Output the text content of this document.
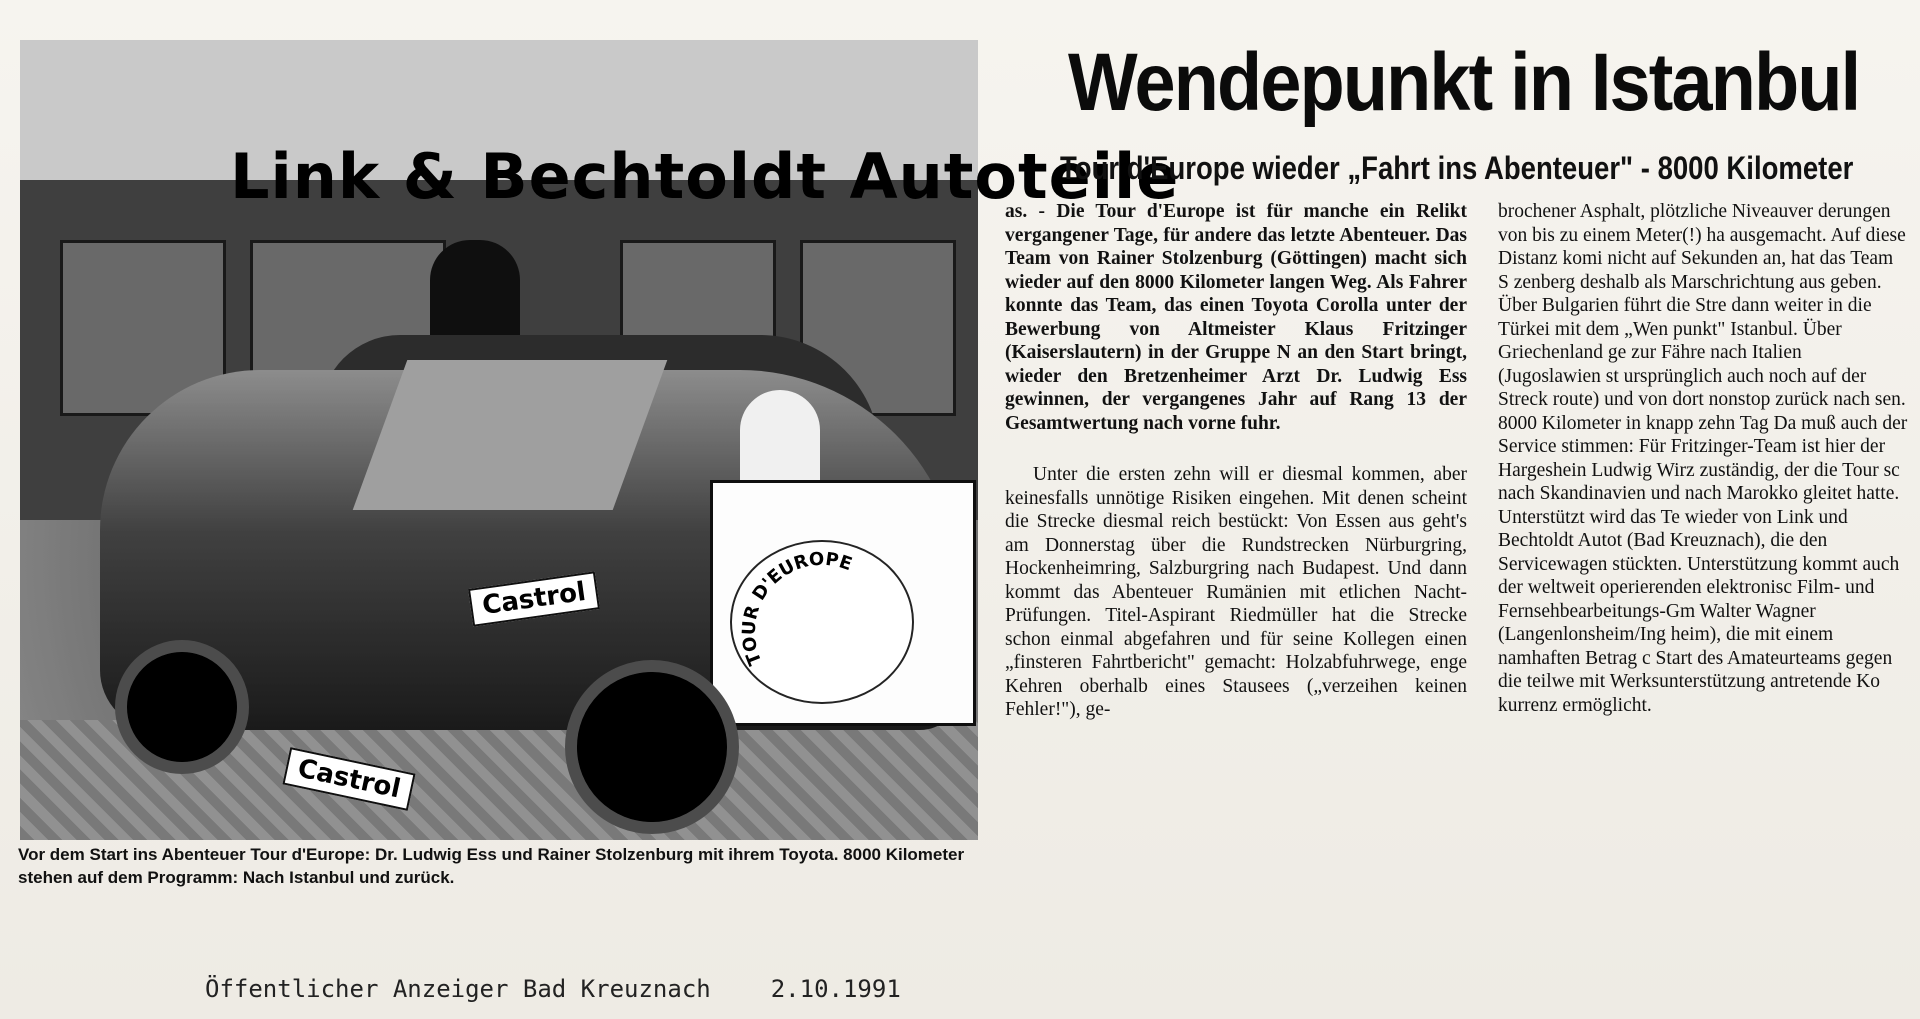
Link & Bechtoldt Autoteile
TOUR D'EUROPE
Castrol
Castrol
Vor dem Start ins Abenteuer Tour d'Europe: Dr. Ludwig Ess und Rainer Stolzenburg mit ihrem Toyota. 8000 Kilometer stehen auf dem Programm: Nach Istanbul und zurück.
Wendepunkt in Istanbul
Tour d'Europe wieder „Fahrt ins Abenteuer" - 8000 Kilometer

as. - Die Tour d'Europe ist für manche ein Relikt vergangener Tage, für andere das letzte Abenteuer. Das Team von Rainer Stolzenburg (Göttingen) macht sich wieder auf den 8000 Kilometer langen Weg. Als Fahrer konnte das Team, das einen Toyota Corolla unter der Bewerbung von Altmeister Klaus Fritzinger (Kaiserslautern) in der Gruppe N an den Start bringt, wieder den Bretzenheimer Arzt Dr. Ludwig Ess gewinnen, der vergangenes Jahr auf Rang 13 der Gesamtwertung nach vorne fuhr.

Unter die ersten zehn will er diesmal kommen, aber keinesfalls unnötige Risiken eingehen. Mit denen scheint die Strecke diesmal reich bestückt: Von Essen aus geht's am Donnerstag über die Rundstrecken Nürburgring, Hockenheimring, Salzburgring nach Budapest. Und dann kommt das Abenteuer Rumänien mit etlichen Nacht-Prüfungen. Titel-Aspirant Riedmüller hat die Strecke schon einmal abgefahren und für seine Kollegen einen „finsteren Fahrtbericht" gemacht: Holzabfuhrwege, enge Kehren oberhalb eines Stausees („verzeihen keinen Fehler!"), ge-

brochener Asphalt, plötzliche Niveauver derungen von bis zu einem Meter(!) ha ausgemacht. Auf diese Distanz komi nicht auf Sekunden an, hat das Team S zenberg deshalb als Marschrichtung aus geben. Über Bulgarien führt die Stre dann weiter in die Türkei mit dem „Wen punkt" Istanbul. Über Griechenland ge zur Fähre nach Italien (Jugoslawien st ursprünglich auch noch auf der Streck route) und von dort nonstop zurück nach sen. 8000 Kilometer in knapp zehn Tag Da muß auch der Service stimmen: Für Fritzinger-Team ist hier der Hargeshein Ludwig Wirz zuständig, der die Tour sc nach Skandinavien und nach Marokko gleitet hatte. Unterstützt wird das Te wieder von Link und Bechtoldt Autot (Bad Kreuznach), die den Servicewagen stückten. Unterstützung kommt auch der weltweit operierenden elektronisc Film- und Fernsehbearbeitungs-Gm Walter Wagner (Langenlonsheim/Ing heim), die mit einem namhaften Betrag c Start des Amateurteams gegen die teilwe mit Werksunterstützung antretende Ko kurrenz ermöglicht.

Öffentlicher Anzeiger Bad Kreuznach	2.10.1991
